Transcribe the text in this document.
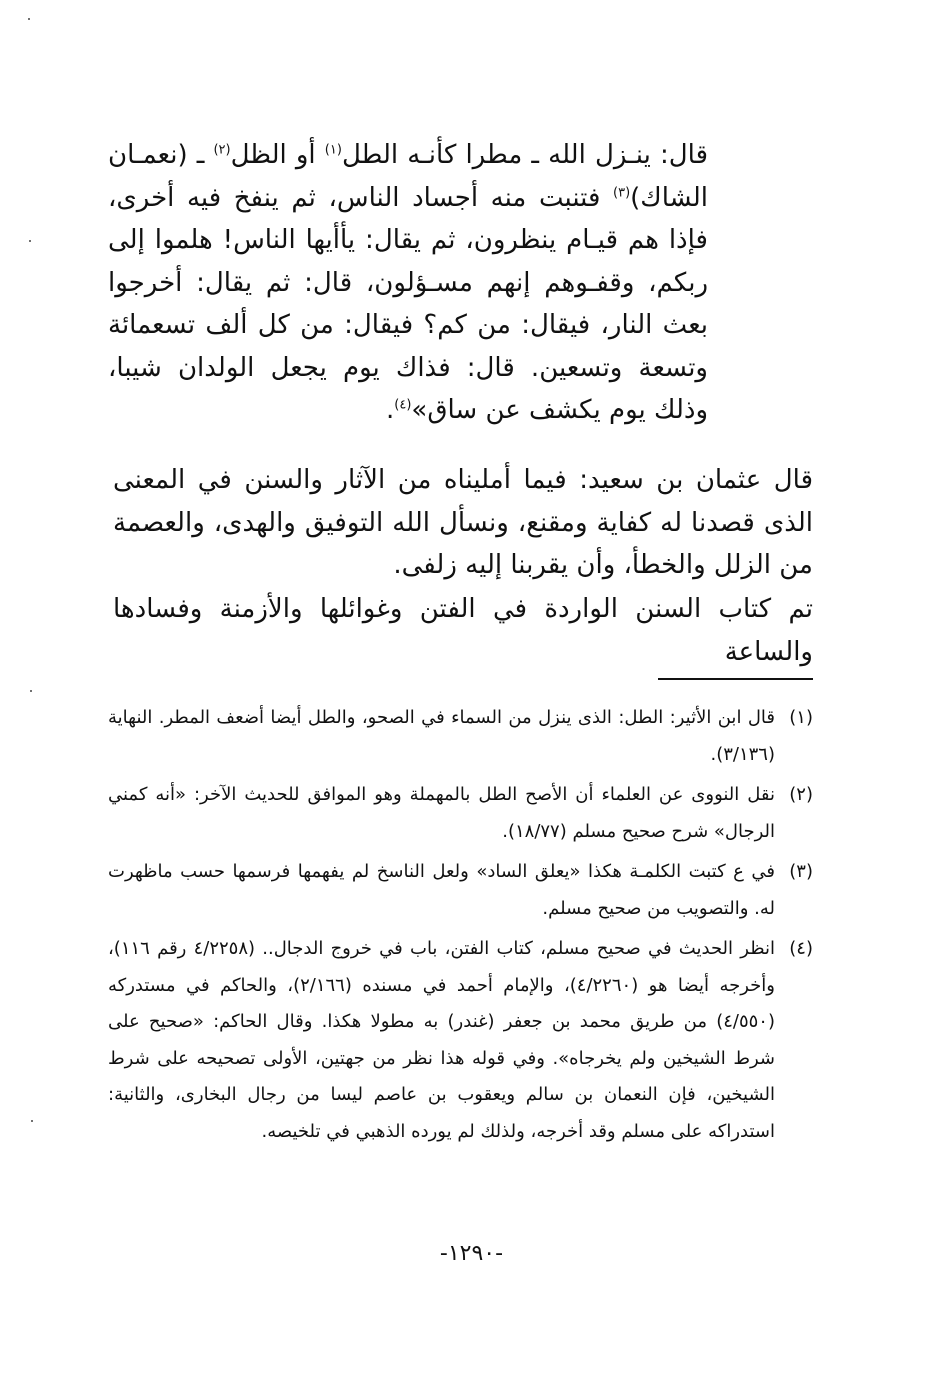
قال: ينـزل الله ـ مطرا كأنـه الطل$^{(١)}$ أو الظل$^{(٢)}$ ـ (نعمـان الشاك)$^{(٣)}$ فتنبت منه أجساد الناس، ثم ينفخ فيه أخرى، فإذا هم قيـام ينظرون، ثم يقال: يأأيها الناس! هلموا إلى ربكم، وقفـوهم إنهم مسـؤلون، قال: ثم يقال: أخرجوا بعث النار، فيقال: من كم؟ فيقال: من كل ألف تسعمائة وتسعة وتسعين. قال: فذاك يوم يجعل الولدان شيبا، وذلك يوم يكشف عن ساق»$^{(٤)}$.

قال عثمان بن سعيد: فيما أمليناه من الآثار والسنن في المعنى الذى قصدنا له كفاية ومقنع، ونسأل الله التوفيق والهدى، والعصمة من الزلل والخطأ، وأن يقربنا إليه زلفى.

تم كتاب السنن الواردة في الفتن وغوائلها والأزمنة وفسادها والساعة

(١)
قال ابن الأثير: الطل: الذى ينزل من السماء في الصحو، والطل أيضا أضعف المطر. النهاية (٣/١٣٦).
(٢)
نقل النووى عن العلماء أن الأصح الطل بالمهملة وهو الموافق للحديث الآخر: «أنه كمني الرجال» شرح صحيح مسلم (١٨/٧٧).
(٣)
في ع كتبت الكلمـة هكذا «يعلق الساد» ولعل الناسخ لم يفهمها فرسمها حسب ماظهرت له. والتصويب من صحيح مسلم.
(٤)
انظر الحديث في صحيح مسلم، كتاب الفتن، باب في خروج الدجال.. (٤/٢٢٥٨ رقم ١١٦)، وأخرجه أيضا هو (٤/٢٢٦٠)، والإمام أحمد في مسنده (٢/١٦٦)، والحاكم في مستدركه (٤/٥٥٠) من طريق محمد بن جعفر (غندر) به مطولا هكذا. وقال الحاكم: «صحيح على شرط الشيخين ولم يخرجاه». وفي قوله هذا نظر من جهتين، الأولى تصحيحه على شرط الشيخين، فإن النعمان بن سالم ويعقوب بن عاصم ليسا من رجال البخارى، والثانية: استدراكه على مسلم وقد أخرجه، ولذلك لم يورده الذهبي في تلخيصه.
-١٢٩٠-
